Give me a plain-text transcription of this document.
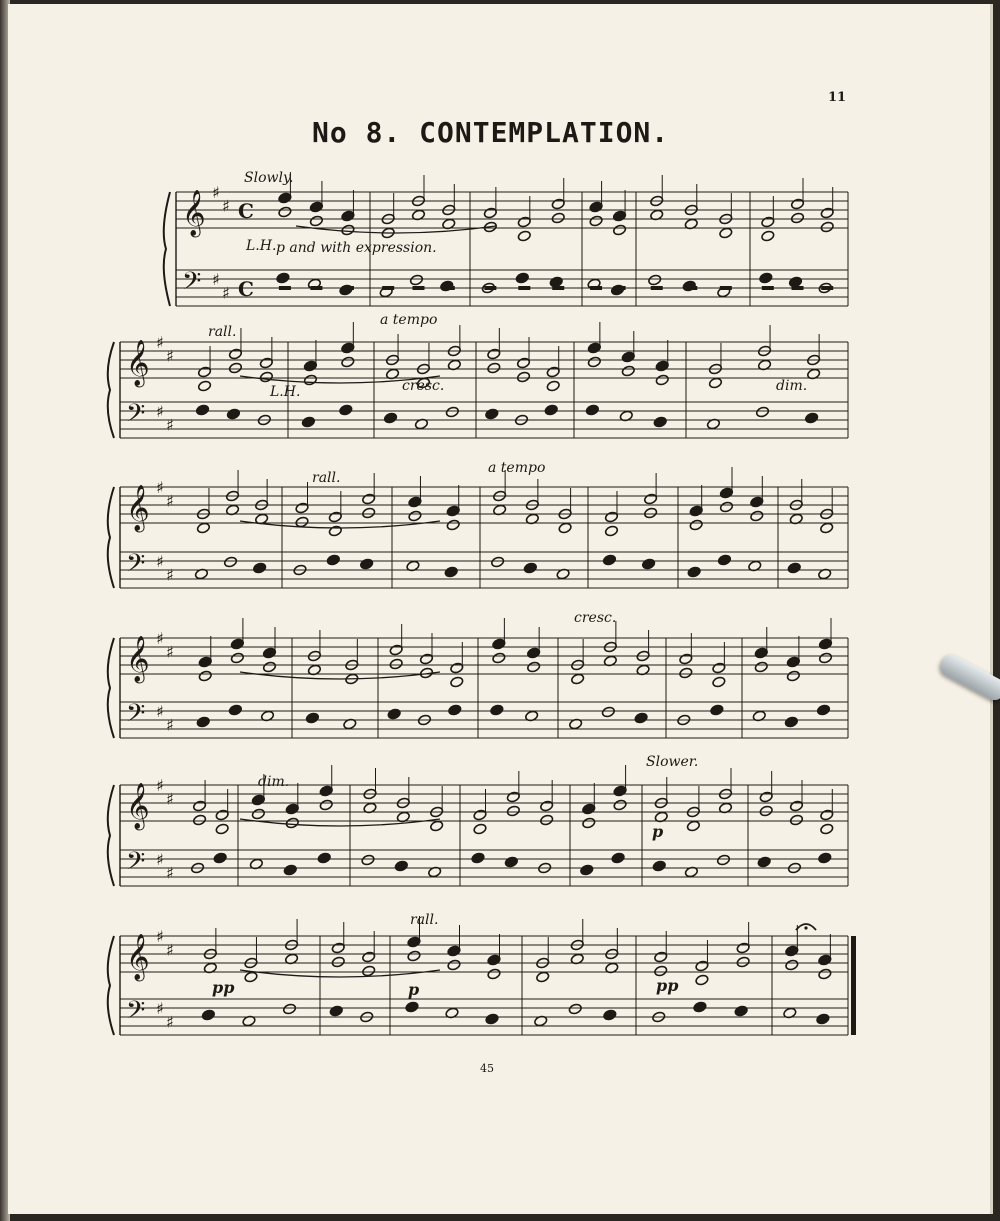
𝄞
𝄢
♯
♯
♯
♯
C
C
𝄞
𝄢
♯
♯
♯
♯
𝄞
𝄢
♯
♯
♯
♯
𝄞
𝄢
♯
♯
♯
♯
𝄞
𝄢
♯
♯
♯
♯
𝄞
𝄢
♯
♯
♯
♯
11
No 8. CONTEMPLATION.
45
Slowly.
L.H. p and with expression.
rall.
a tempo
L.H.	cresc.	dim.
rall.
a tempo
cresc.
dim.
Slower.
p
rall.
pp	p	pp
